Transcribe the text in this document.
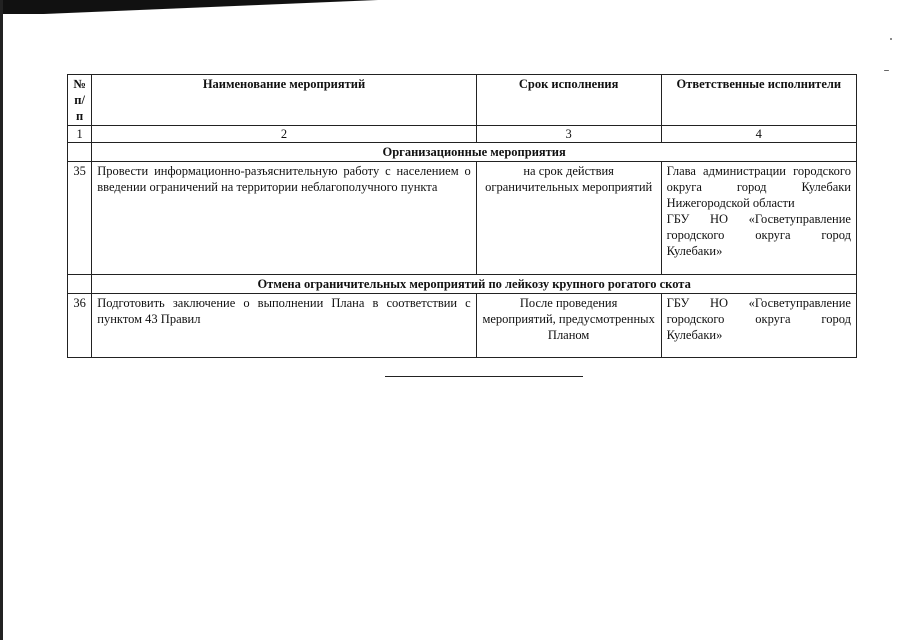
№ п/п	Наименование мероприятий	Срок исполнения	Ответственные исполнители
1	2	3	4
	Организационные мероприятия		
35	Провести информационно-разъяснительную работу с населением о введении ограничений на территории неблагополучного пункта	на срок действия ограничительных мероприятий	Глава администрации городского округа город Кулебаки Нижегородской области
ГБУ НО «Госветуправление городского округа город Кулебаки»

	Отмена ограничительных мероприятий по лейкозу крупного рогатого скота		
36	Подготовить заключение о выполнении Плана в соответствии с пунктом 43 Правил	После проведения мероприятий, предусмотренных Планом	ГБУ НО «Госветуправление городского округа город Кулебаки»
